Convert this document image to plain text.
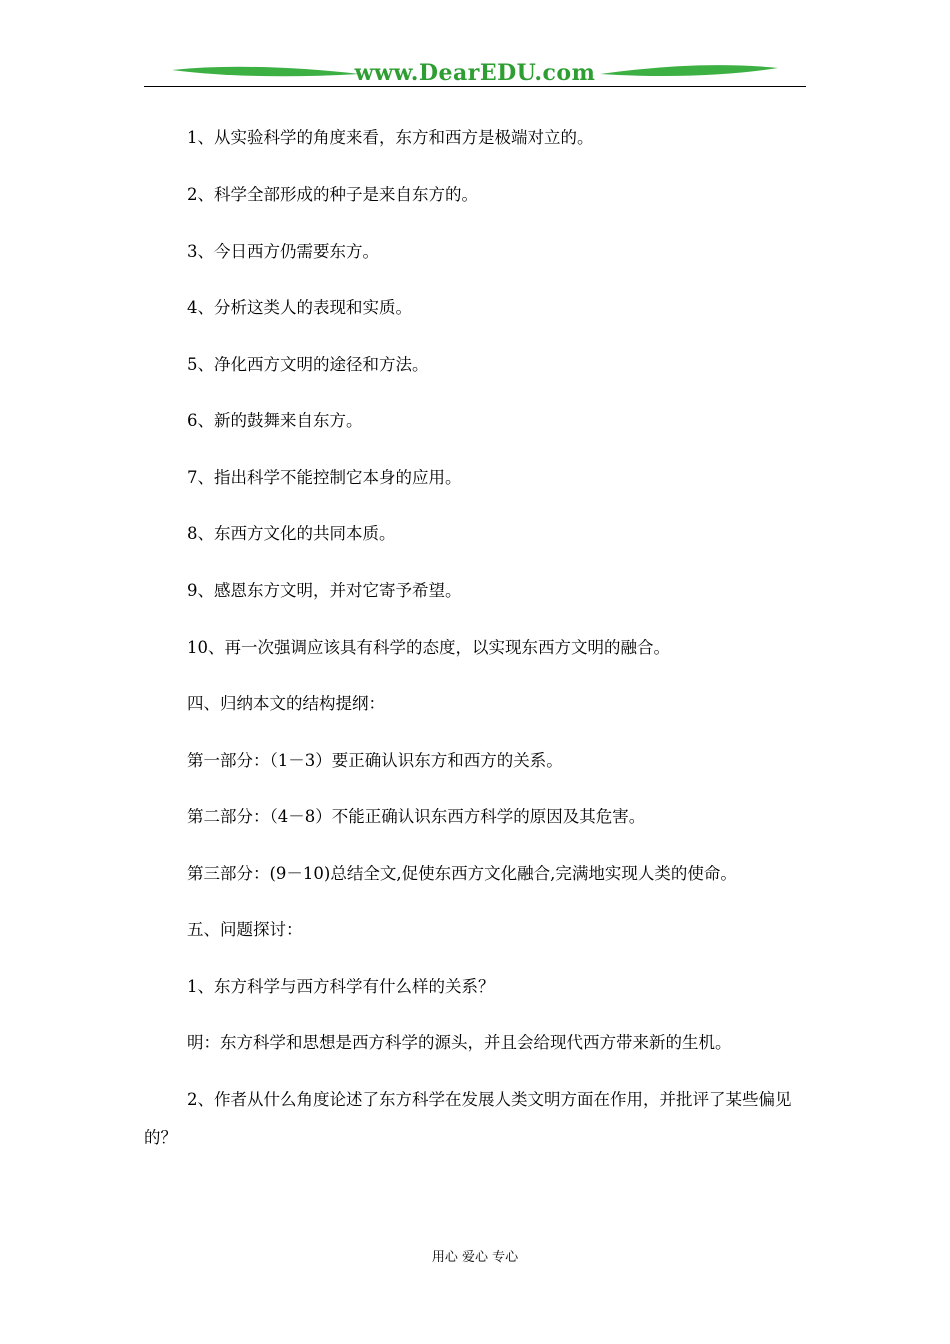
www.DearEDU.com
1、从实验科学的角度来看，东方和西方是极端对立的。
2、科学全部形成的种子是来自东方的。
3、今日西方仍需要东方。
4、分析这类人的表现和实质。
5、净化西方文明的途径和方法。
6、新的鼓舞来自东方。
7、指出科学不能控制它本身的应用。
8、东西方文化的共同本质。
9、感恩东方文明，并对它寄予希望。
10、再一次强调应该具有科学的态度，以实现东西方文明的融合。
四、归纳本文的结构提纲：
第一部分：（1－3）要正确认识东方和西方的关系。
第二部分：（4－8）不能正确认识东西方科学的原因及其危害。
第三部分：(9－10)总结全文,促使东西方文化融合,完满地实现人类的使命。
五、问题探讨：
1、东方科学与西方科学有什么样的关系？
明：东方科学和思想是西方科学的源头，并且会给现代西方带来新的生机。
2、作者从什么角度论述了东方科学在发展人类文明方面在作用，并批评了某些偏见的？
用心 爱心 专心
